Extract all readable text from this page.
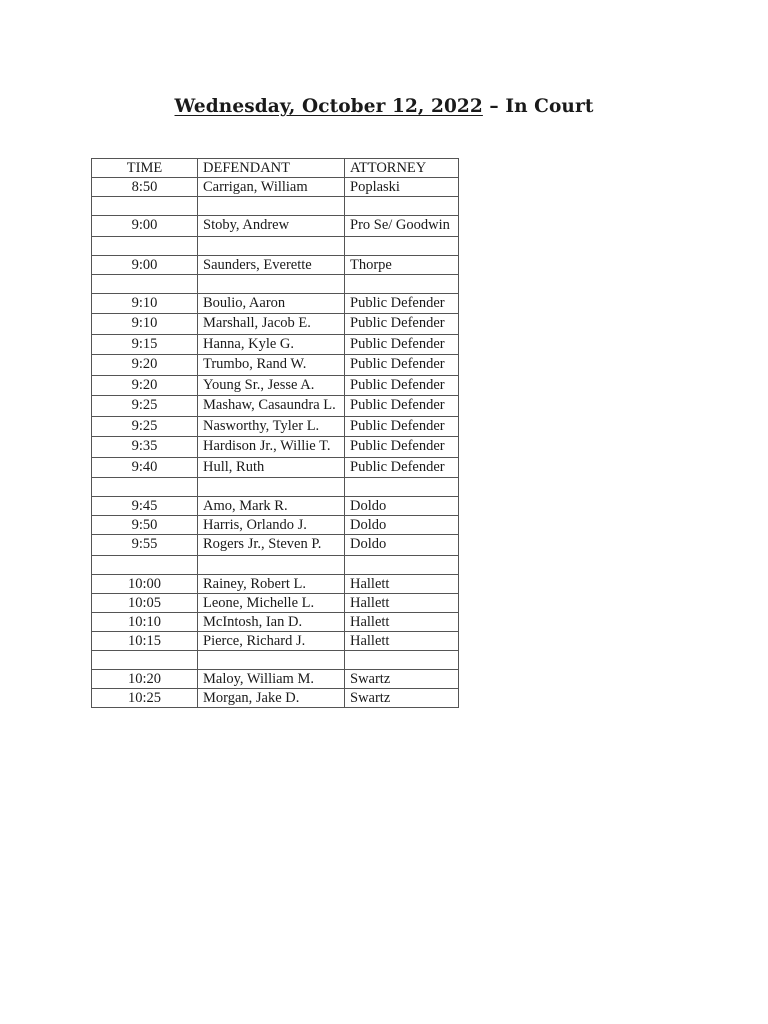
Wednesday, October 12, 2022 – In Court
TIME	DEFENDANT	ATTORNEY
8:50	Carrigan, William	Poplaski

9:00	Stoby, Andrew	Pro Se/ Goodwin

9:00	Saunders, Everette	Thorpe

9:10	Boulio, Aaron	Public Defender
9:10	Marshall, Jacob E.	Public Defender
9:15	Hanna, Kyle G.	Public Defender
9:20	Trumbo, Rand W.	Public Defender
9:20	Young Sr., Jesse A.	Public Defender
9:25	Mashaw, Casaundra L.	Public Defender
9:25	Nasworthy, Tyler L.	Public Defender
9:35	Hardison Jr., Willie T.	Public Defender
9:40	Hull, Ruth	Public Defender

9:45	Amo, Mark R.	Doldo
9:50	Harris, Orlando J.	Doldo
9:55	Rogers Jr., Steven P.	Doldo

10:00	Rainey, Robert L.	Hallett
10:05	Leone, Michelle L.	Hallett
10:10	McIntosh, Ian D.	Hallett
10:15	Pierce, Richard J.	Hallett

10:20	Maloy, William M.	Swartz
10:25	Morgan, Jake D.	Swartz
